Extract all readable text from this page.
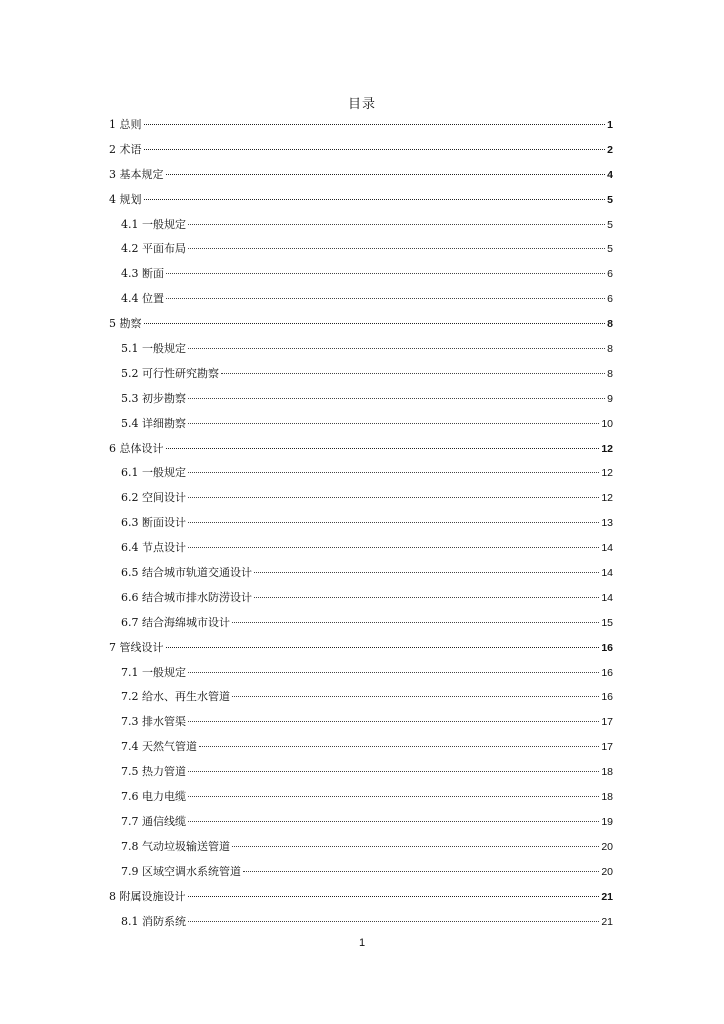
目录
1 总则	1
2 术语	2
3 基本规定	4
4 规划	5
4.1 一般规定	5
4.2 平面布局	5
4.3 断面	6
4.4 位置	6
5 勘察	8
5.1 一般规定	8
5.2 可行性研究勘察	8
5.3 初步勘察	9
5.4 详细勘察	10
6 总体设计	12
6.1 一般规定	12
6.2 空间设计	12
6.3 断面设计	13
6.4 节点设计	14
6.5 结合城市轨道交通设计	14
6.6 结合城市排水防涝设计	14
6.7 结合海绵城市设计	15
7 管线设计	16
7.1 一般规定	16
7.2 给水、再生水管道	16
7.3 排水管渠	17
7.4 天然气管道	17
7.5 热力管道	18
7.6 电力电缆	18
7.7 通信线缆	19
7.8 气动垃圾输送管道	20
7.9 区域空调水系统管道	20
8 附属设施设计	21
8.1 消防系统	21
1
